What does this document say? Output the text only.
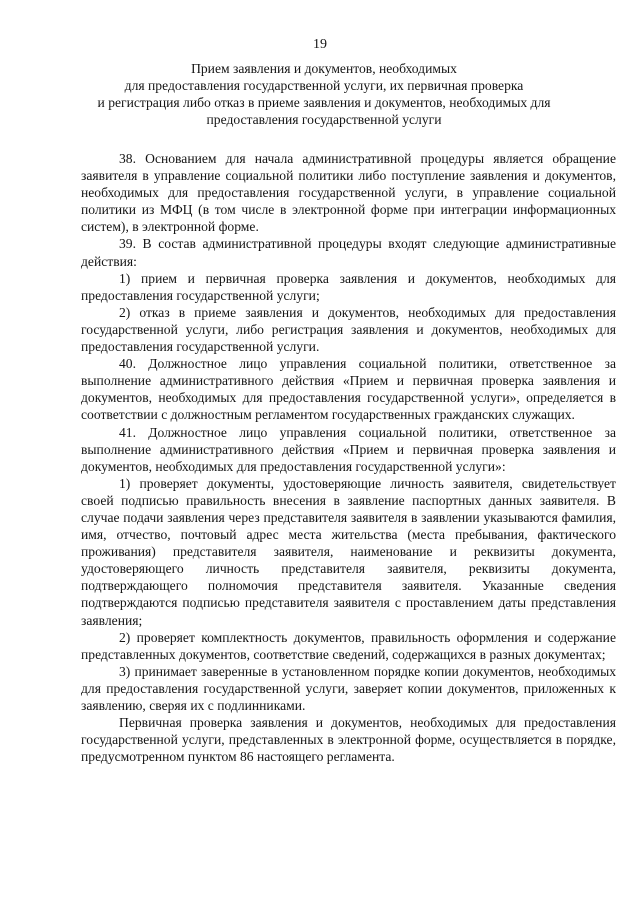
19
Прием заявления и документов, необходимых
для предоставления государственной услуги, их первичная проверка
и регистрация либо отказ в приеме заявления и документов, необходимых для
предоставления государственной услуги

38. Основанием для начала административной процедуры является обращение заявителя в управление социальной политики либо поступление заявления и документов, необходимых для предоставления государственной услуги, в управление социальной политики из МФЦ (в том числе в электронной форме при интеграции информационных систем), в электронной форме.

39. В состав административной процедуры входят следующие административные действия:

1) прием и первичная проверка заявления и документов, необходимых для предоставления государственной услуги;

2) отказ в приеме заявления и документов, необходимых для предоставления государственной услуги, либо регистрация заявления и документов, необходимых для предоставления государственной услуги.

40. Должностное лицо управления социальной политики, ответственное за выполнение административного действия «Прием и первичная проверка заявления и документов, необходимых для предоставления государственной услуги», определяется в соответствии с должностным регламентом государственных гражданских служащих.

41. Должностное лицо управления социальной политики, ответственное за выполнение административного действия «Прием и первичная проверка заявления и документов, необходимых для предоставления государственной услуги»:

1) проверяет документы, удостоверяющие личность заявителя, свидетельствует своей подписью правильность внесения в заявление паспортных данных заявителя. В случае подачи заявления через представителя заявителя в заявлении указываются фамилия, имя, отчество, почтовый адрес места жительства (места пребывания, фактического проживания) представителя заявителя, наименование и реквизиты документа, удостоверяющего личность представителя заявителя, реквизиты документа, подтверждающего полномочия представителя заявителя. Указанные сведения подтверждаются подписью представителя заявителя с проставлением даты представления заявления;

2) проверяет комплектность документов, правильность оформления и содержание представленных документов, соответствие сведений, содержащихся в разных документах;

3) принимает заверенные в установленном порядке копии документов, необходимых для предоставления государственной услуги, заверяет копии документов, приложенных к заявлению, сверяя их с подлинниками.

Первичная проверка заявления и документов, необходимых для предоставления государственной услуги, представленных в электронной форме, осуществляется в порядке, предусмотренном пунктом 86 настоящего регламента.
